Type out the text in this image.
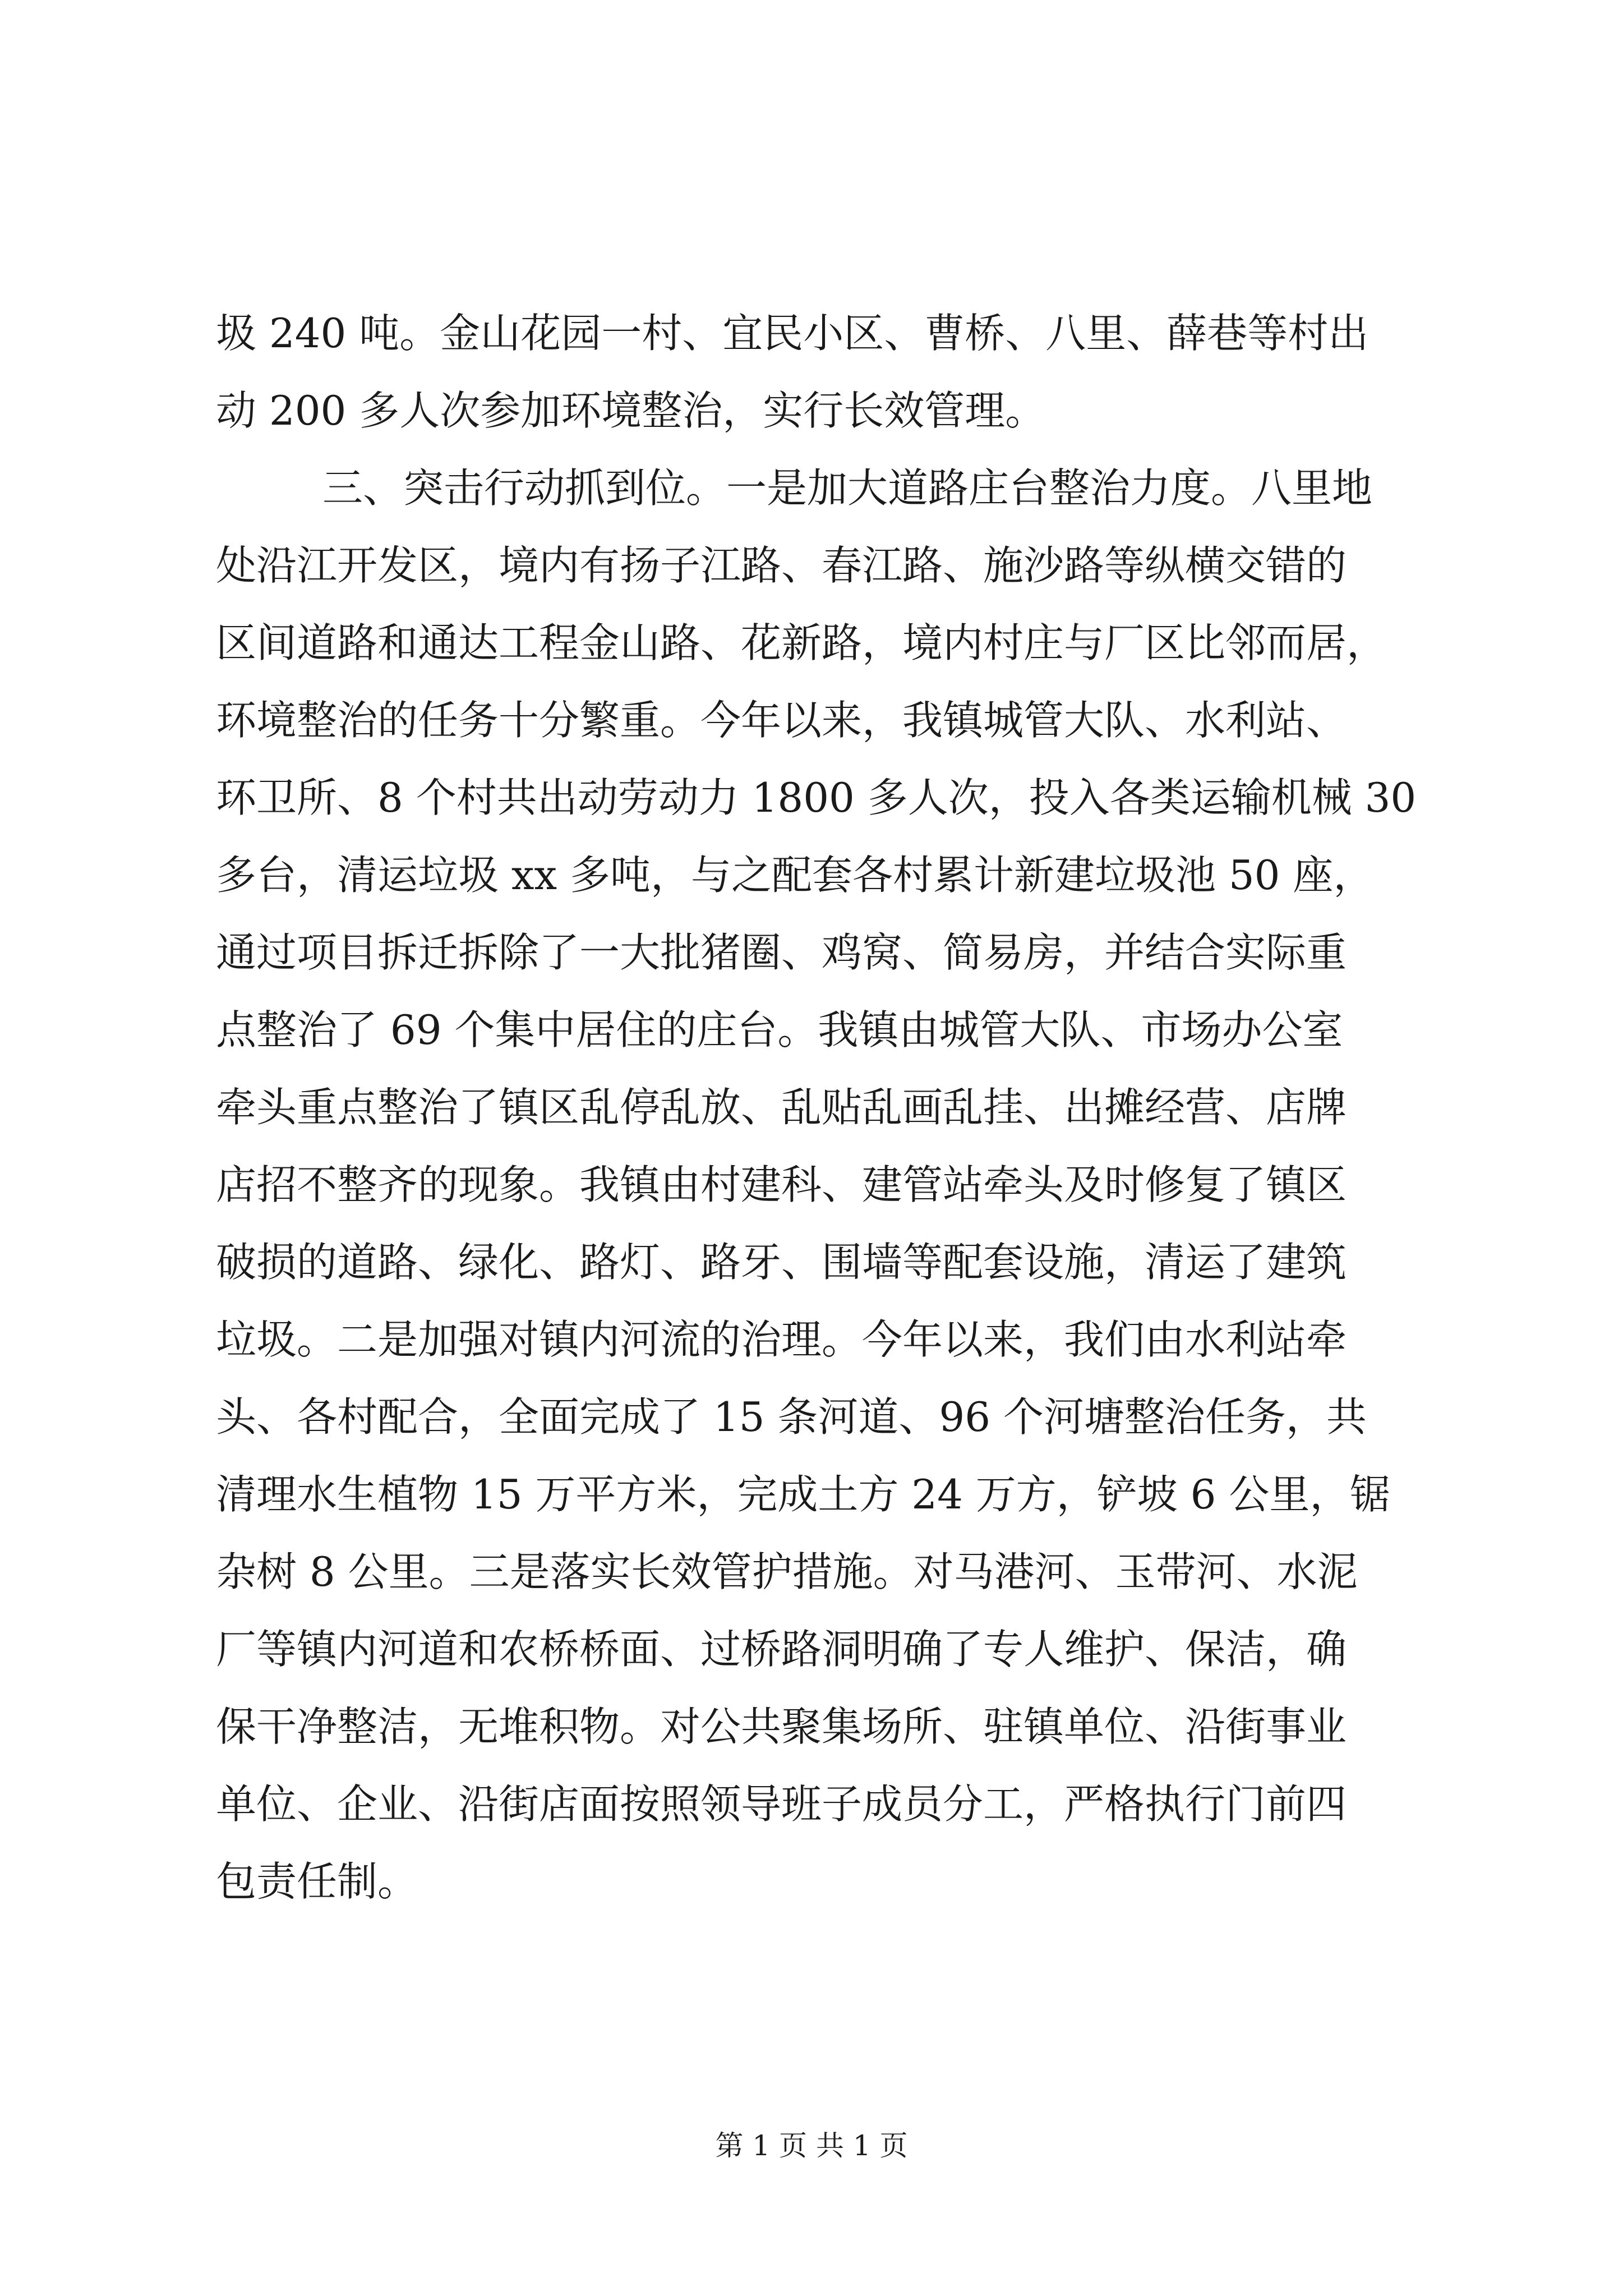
圾 240 吨。金山花园一村、宜民小区、曹桥、八里、薛巷等村出
动 200 多人次参加环境整治，实行长效管理。
三、突击行动抓到位。一是加大道路庄台整治力度。八里地
处沿江开发区，境内有扬子江路、春江路、施沙路等纵横交错的
区间道路和通达工程金山路、花新路，境内村庄与厂区比邻而居，
环境整治的任务十分繁重。今年以来，我镇城管大队、水利站、
环卫所、8 个村共出动劳动力 1800 多人次，投入各类运输机械 30
多台，清运垃圾 xx 多吨，与之配套各村累计新建垃圾池 50 座，
通过项目拆迁拆除了一大批猪圈、鸡窝、简易房，并结合实际重
点整治了 69 个集中居住的庄台。我镇由城管大队、市场办公室
牵头重点整治了镇区乱停乱放、乱贴乱画乱挂、出摊经营、店牌
店招不整齐的现象。我镇由村建科、建管站牵头及时修复了镇区
破损的道路、绿化、路灯、路牙、围墙等配套设施，清运了建筑
垃圾。二是加强对镇内河流的治理。今年以来，我们由水利站牵
头、各村配合，全面完成了 15 条河道、96 个河塘整治任务，共
清理水生植物 15 万平方米，完成土方 24 万方，铲坡 6 公里，锯
杂树 8 公里。三是落实长效管护措施。对马港河、玉带河、水泥
厂等镇内河道和农桥桥面、过桥路洞明确了专人维护、保洁，确
保干净整洁，无堆积物。对公共聚集场所、驻镇单位、沿街事业
单位、企业、沿街店面按照领导班子成员分工，严格执行门前四
包责任制。
第 1 页 共 1 页
